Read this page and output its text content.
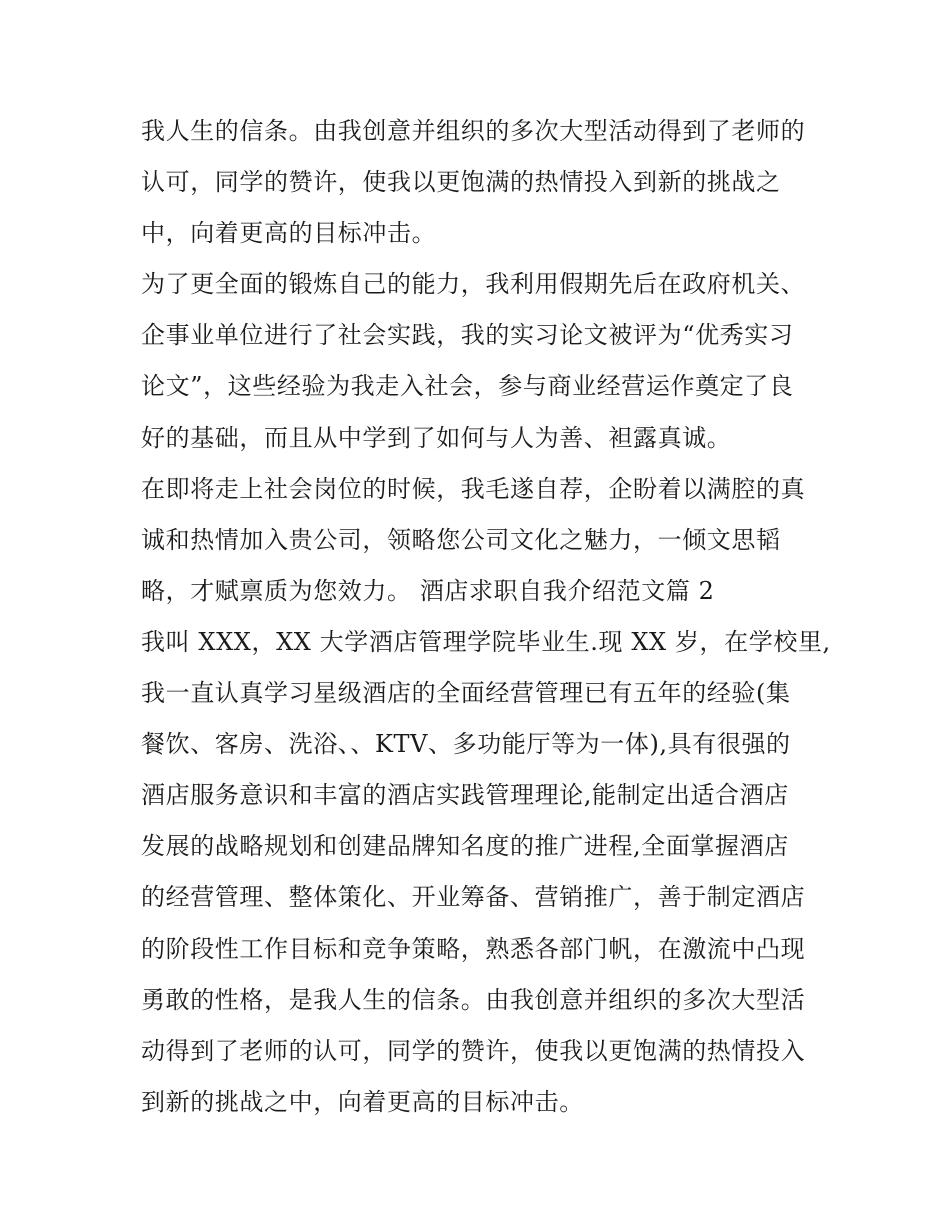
我人生的信条。由我创意并组织的多次大型活动得到了老师的
认可，同学的赞许，使我以更饱满的热情投入到新的挑战之
中，向着更高的目标冲击。
为了更全面的锻炼自己的能力，我利用假期先后在政府机关、
企事业单位进行了社会实践，我的实习论文被评为“优秀实习
论文”，这些经验为我走入社会，参与商业经营运作奠定了良
好的基础，而且从中学到了如何与人为善、袒露真诚。
在即将走上社会岗位的时候，我毛遂自荐，企盼着以满腔的真
诚和热情加入贵公司，领略您公司文化之魅力，一倾文思韬
略，才赋禀质为您效力。 酒店求职自我介绍范文篇 2
我叫 XXX，XX 大学酒店管理学院毕业生.现 XX 岁，在学校里,
我一直认真学习星级酒店的全面经营管理已有五年的经验(集
餐饮、客房、洗浴、、KTV、多功能厅等为一体),具有很强的
酒店服务意识和丰富的酒店实践管理理论,能制定出适合酒店
发展的战略规划和创建品牌知名度的推广进程,全面掌握酒店
的经营管理、整体策化、开业筹备、营销推广，善于制定酒店
的阶段性工作目标和竞争策略，熟悉各部门帆，在激流中凸现
勇敢的性格，是我人生的信条。由我创意并组织的多次大型活
动得到了老师的认可，同学的赞许，使我以更饱满的热情投入
到新的挑战之中，向着更高的目标冲击。
